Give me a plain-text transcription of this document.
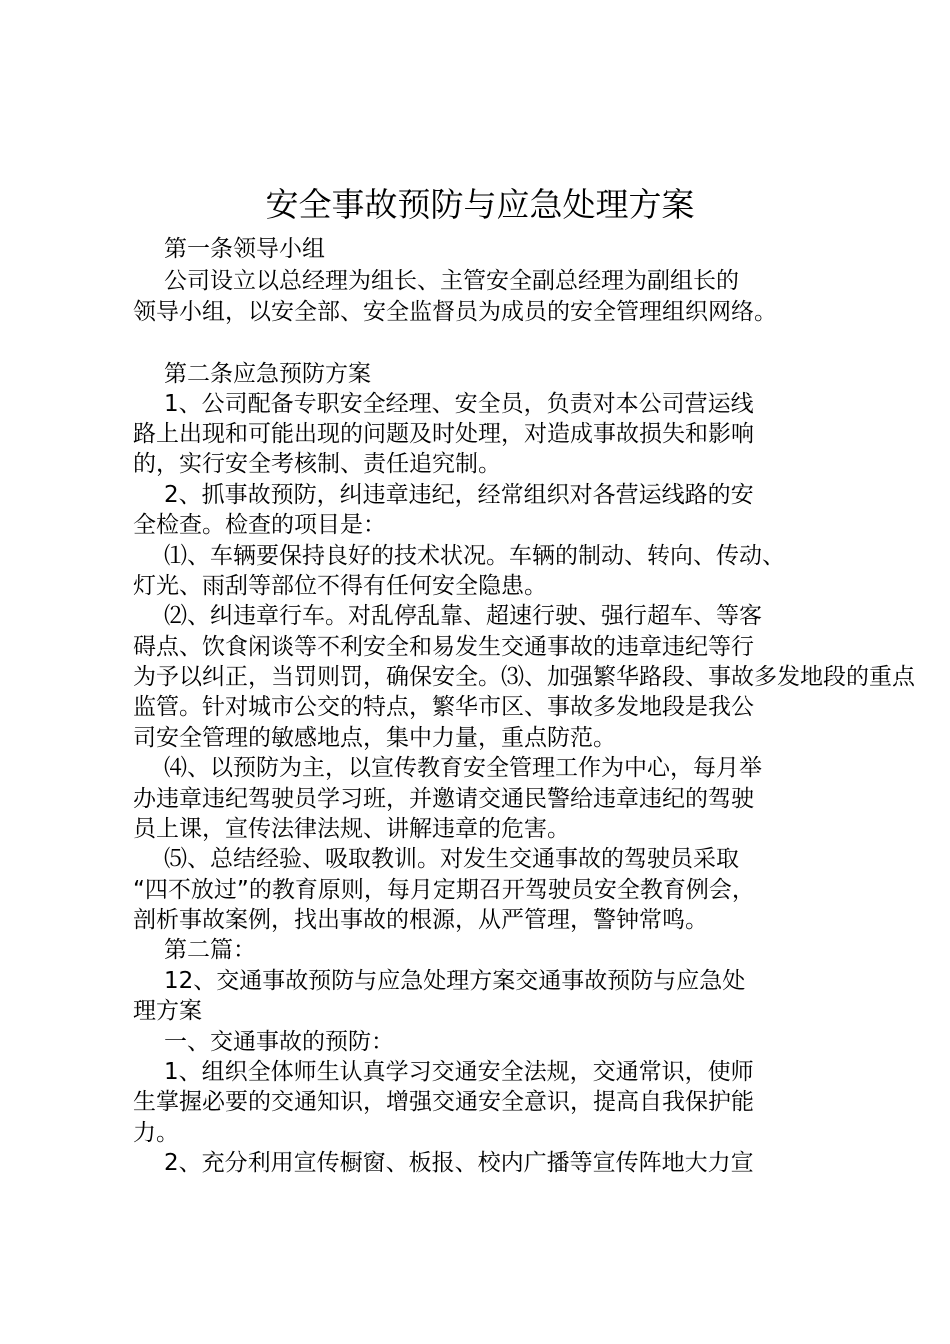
安全事故预防与应急处理方案
第一条领导小组
公司设立以总经理为组长、主管安全副总经理为副组长的
领导小组，以安全部、安全监督员为成员的安全管理组织网络。
第二条应急预防方案
1、公司配备专职安全经理、安全员，负责对本公司营运线
路上出现和可能出现的问题及时处理，对造成事故损失和影响
的，实行安全考核制、责任追究制。
2、抓事故预防，纠违章违纪，经常组织对各营运线路的安
全检查。检查的项目是：
⑴、车辆要保持良好的技术状况。车辆的制动、转向、传动、
灯光、雨刮等部位不得有任何安全隐患。
⑵、纠违章行车。对乱停乱靠、超速行驶、强行超车、等客
碍点、饮食闲谈等不利安全和易发生交通事故的违章违纪等行
为予以纠正，当罚则罚，确保安全。⑶、加强繁华路段、事故多发地段的重点
监管。针对城市公交的特点，繁华市区、事故多发地段是我公
司安全管理的敏感地点，集中力量，重点防范。
⑷、以预防为主，以宣传教育安全管理工作为中心，每月举
办违章违纪驾驶员学习班，并邀请交通民警给违章违纪的驾驶
员上课，宣传法律法规、讲解违章的危害。
⑸、总结经验、吸取教训。对发生交通事故的驾驶员采取
“四不放过”的教育原则，每月定期召开驾驶员安全教育例会，
剖析事故案例，找出事故的根源，从严管理，警钟常鸣。
第二篇：
12、交通事故预防与应急处理方案交通事故预防与应急处
理方案
一、交通事故的预防：
1、组织全体师生认真学习交通安全法规，交通常识，使师
生掌握必要的交通知识，增强交通安全意识，提高自我保护能
力。
2、充分利用宣传橱窗、板报、校内广播等宣传阵地大力宣
